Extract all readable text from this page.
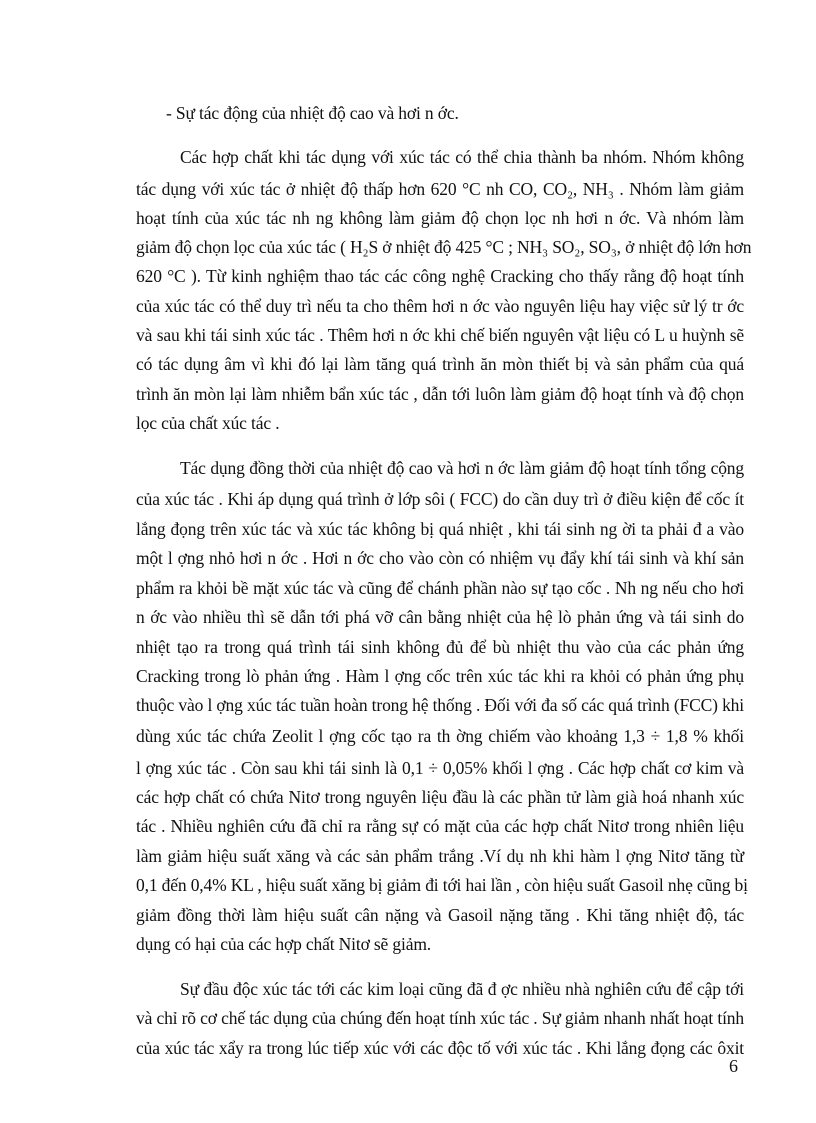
- Sự tác động của nhiệt độ cao và hơi n ớc.
Các hợp chất khi tác dụng với xúc tác có thể chia thành ba nhóm. Nhóm không
tác dụng với xúc tác ở nhiệt độ thấp hơn 620 °C nh CO, CO₂, NH₃ . Nhóm làm giảm
hoạt tính của xúc tác nh ng không làm giảm độ chọn lọc nh hơi n ớc. Và nhóm làm
giảm độ chọn lọc của xúc tác ( H₂S ở nhiệt độ 425 °C ; NH₃ SO₂, SO₃, ở nhiệt độ lớn hơn
620 °C ). Từ kinh nghiệm thao tác các công nghệ Cracking cho thấy rằng độ hoạt tính
của xúc tác có thể duy trì nếu ta cho thêm hơi n ớc vào nguyên liệu hay việc sử lý tr ớc
và sau khi tái sinh xúc tác . Thêm hơi n ớc khi chế biến nguyên vật liệu có L u huỳnh sẽ
có tác dụng âm vì khi đó lại làm tăng quá trình ăn mòn thiết bị và sản phẩm của quá
trình ăn mòn lại làm nhiễm bẩn xúc tác , dẫn tới luôn làm giảm độ hoạt tính và độ chọn
lọc của chất xúc tác .
Tác dụng đồng thời của nhiệt độ cao và hơi n ớc làm giảm độ hoạt tính tổng cộng
của xúc tác . Khi áp dụng quá trình ở lớp sôi ( FCC) do cần duy trì ở điều kiện để cốc ít
lắng đọng trên xúc tác và xúc tác không bị quá nhiệt , khi tái sinh ng ời ta phải đ a vào
một l ợng nhỏ hơi n ớc . Hơi n ớc cho vào còn có nhiệm vụ đẩy khí tái sinh và khí sản
phẩm ra khỏi bề mặt xúc tác và cũng để chánh phần nào sự tạo cốc . Nh ng nếu cho hơi
n ớc vào nhiều thì sẽ dẫn tới phá vỡ cân bằng nhiệt của hệ lò phản ứng và tái sinh do
nhiệt tạo ra trong quá trình tái sinh không đủ để bù nhiệt thu vào của các phản ứng
Cracking trong lò phản ứng . Hàm l ợng cốc trên xúc tác khi ra khỏi có phản ứng phụ
thuộc vào l ợng xúc tác tuần hoàn trong hệ thống . Đối với đa số các quá trình (FCC) khi
dùng xúc tác chứa Zeolit l ợng cốc tạo ra th ờng chiếm vào khoảng 1,3 ÷ 1,8 % khối
l ợng xúc tác . Còn sau khi tái sinh là 0,1 ÷ 0,05% khối l ợng . Các hợp chất cơ kim và
các hợp chất có chứa Nitơ trong nguyên liệu đầu là các phần tử làm già hoá nhanh xúc
tác . Nhiều nghiên cứu đã chỉ ra rằng sự có mặt của các hợp chất Nitơ trong nhiên liệu
làm giảm hiệu suất xăng và các sản phẩm trắng .Ví dụ nh khi hàm l ợng Nitơ tăng từ
0,1 đến 0,4% KL , hiệu suất xăng bị giảm đi tới hai lần , còn hiệu suất Gasoil nhẹ cũng bị
giảm đồng thời làm hiệu suất cân nặng và Gasoil nặng tăng . Khi tăng nhiệt độ, tác
dụng có hại của các hợp chất Nitơ sẽ giảm.
Sự đầu độc xúc tác tới các kim loại cũng đã đ ợc nhiều nhà nghiên cứu để cập tới
và chỉ rõ cơ chế tác dụng của chúng đến hoạt tính xúc tác . Sự giảm nhanh nhất hoạt tính
của xúc tác xẩy ra trong lúc tiếp xúc với các độc tố với xúc tác . Khi lắng đọng các ôxit
6
